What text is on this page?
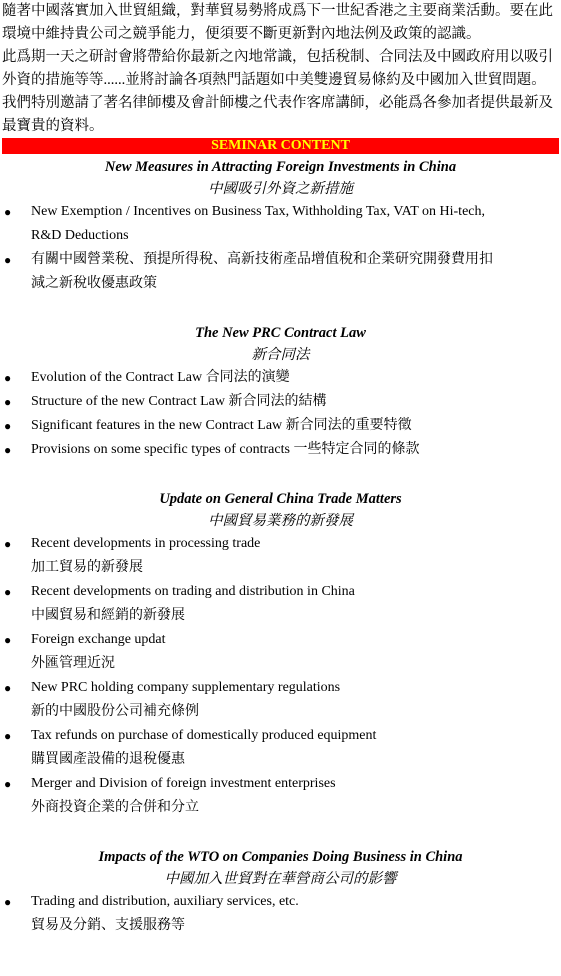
隨著中國落實加入世貿組織，對華貿易勢將成爲下一世紀香港之主要商業活動。要在此環境中維持貴公司之競爭能力，便須要不斷更新對內地法例及政策的認識。

此爲期一天之研討會將帶給你最新之內地常識，包括稅制、合同法及中國政府用以吸引外資的措施等等......並將討論各項熱門話題如中美雙邊貿易條約及中國加入世貿問題。我們特別邀請了著名律師樓及會計師樓之代表作客席講師，必能爲各參加者提供最新及最寶貴的資料。

SEMINAR CONTENT
New Measures in Attracting Foreign Investments in China
中國吸引外資之新措施
● New Exemption / Incentives on Business Tax, Withholding Tax, VAT on Hi-tech,
R&D Deductions
● 有關中國營業稅、預提所得稅、高新技術產品增值稅和企業研究開發費用扣
減之新稅收優惠政策
The New PRC Contract Law
新合同法
● Evolution of the Contract Law 合同法的演變
● Structure of the new Contract Law 新合同法的結構
● Significant features in the new Contract Law 新合同法的重要特徵
● Provisions on some specific types of contracts 一些特定合同的條款
Update on General China Trade Matters
中國貿易業務的新發展
● Recent developments in processing trade
加工貿易的新發展
● Recent developments on trading and distribution in China
中國貿易和經銷的新發展
● Foreign exchange updat
外匯管理近況
● New PRC holding company supplementary regulations
新的中國股份公司補充條例
● Tax refunds on purchase of domestically produced equipment
購買國產設備的退稅優惠
● Merger and Division of foreign investment enterprises
外商投資企業的合併和分立
Impacts of the WTO on Companies Doing Business in China
中國加入世貿對在華營商公司的影響
● Trading and distribution, auxiliary services, etc.
貿易及分銷、支援服務等
